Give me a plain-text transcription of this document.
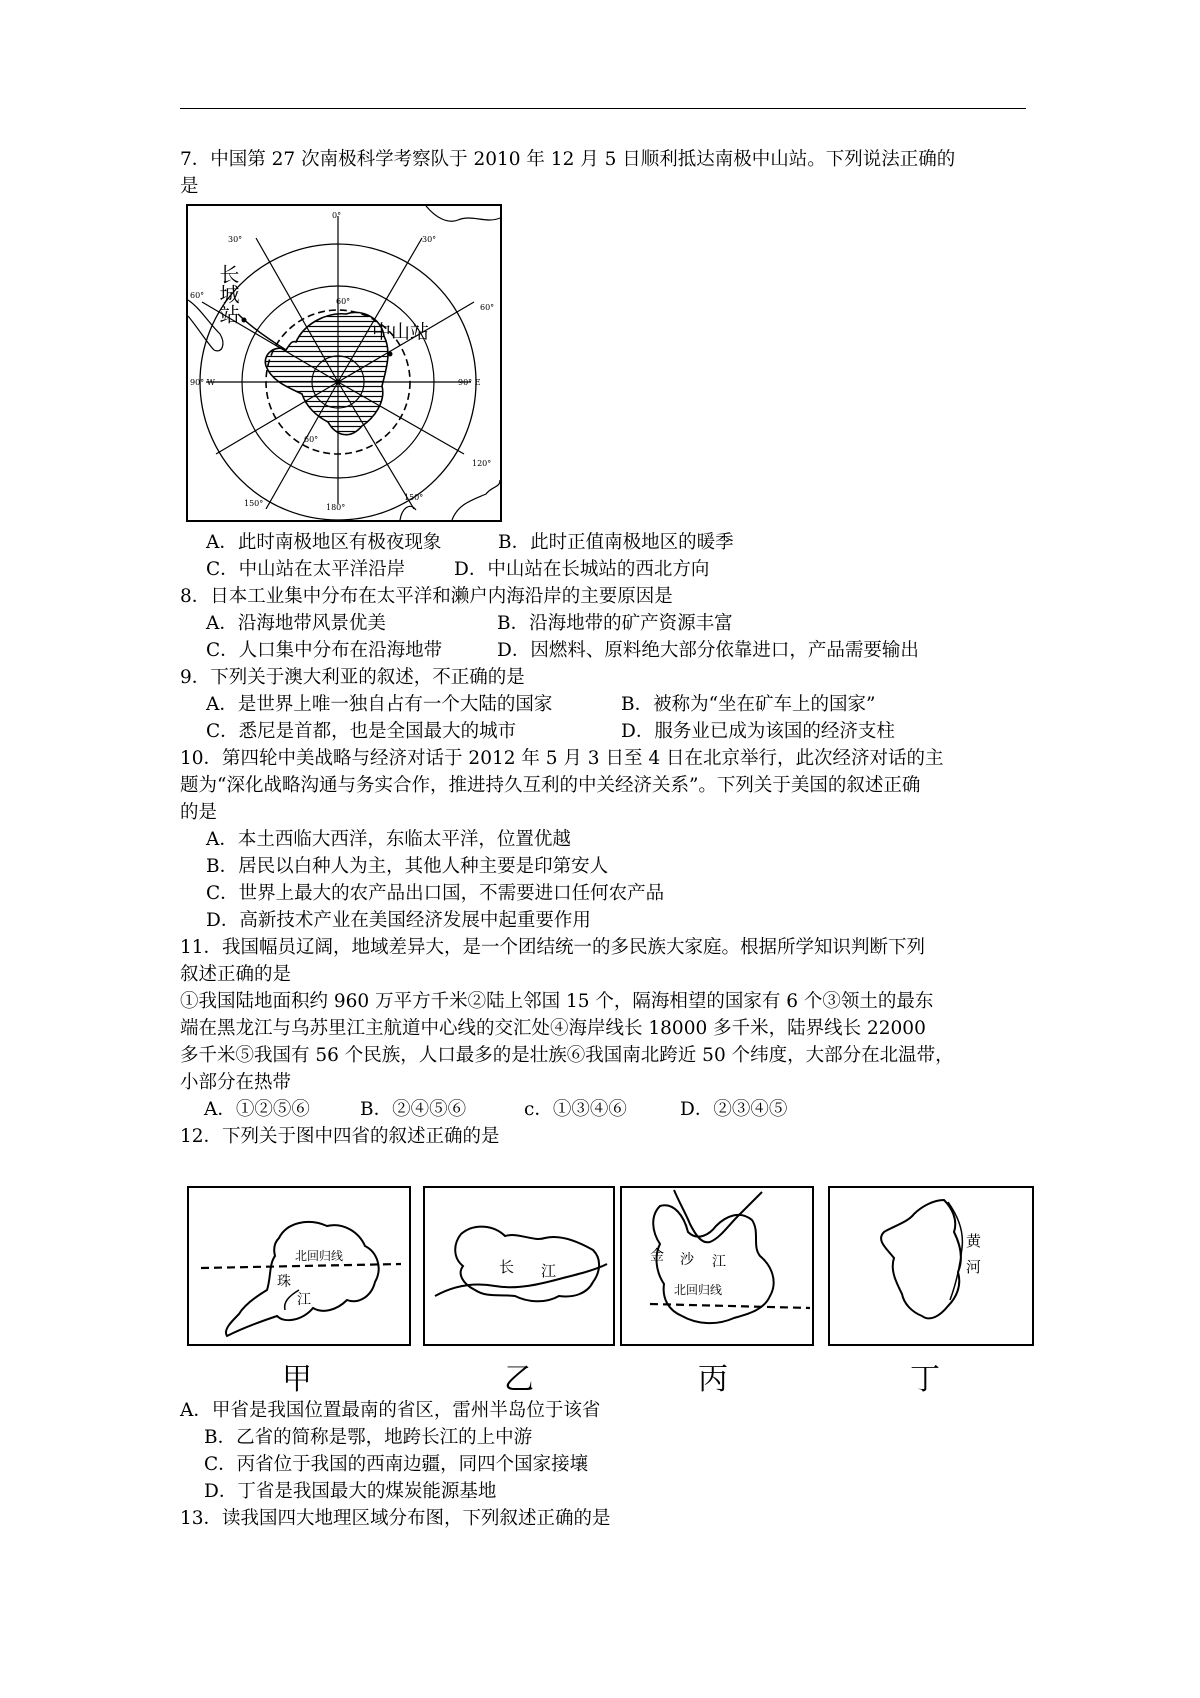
7．中国第 27 次南极科学考察队于 2010 年 12 月 5 日顺利抵达南极中山站。下列说法正确的
是
0°
30°	30°
60°
60°
90° W	90° E
120°
150°
150°
180°
60°
60°
长城站
中山站
A．此时南极地区有极夜现象	B．此时正值南极地区的暖季
C．中山站在太平洋沿岸	D．中山站在长城站的西北方向
8．日本工业集中分布在太平洋和濑户内海沿岸的主要原因是
A．沿海地带风景优美	B．沿海地带的矿产资源丰富
C．人口集中分布在沿海地带	D．因燃料、原料绝大部分依靠进口，产品需要输出
9．下列关于澳大利亚的叙述，不正确的是
A．是世界上唯一独自占有一个大陆的国家	B．被称为“坐在矿车上的国家”
C．悉尼是首都，也是全国最大的城市	D．服务业已成为该国的经济支柱
10．第四轮中美战略与经济对话于 2012 年 5 月 3 日至 4 日在北京举行，此次经济对话的主
题为“深化战略沟通与务实合作，推进持久互利的中关经济关系”。下列关于美国的叙述正确
的是
A．本土西临大西洋，东临太平洋，位置优越
B．居民以白种人为主，其他人种主要是印第安人
C．世界上最大的农产品出口国，不需要进口任何农产品
D．高新技术产业在美国经济发展中起重要作用
11．我国幅员辽阔，地域差异大，是一个团结统一的多民族大家庭。根据所学知识判断下列
叙述正确的是
①我国陆地面积约 960 万平方千米②陆上邻国 15 个，隔海相望的国家有 6 个③领土的最东
端在黑龙江与乌苏里江主航道中心线的交汇处④海岸线长 18000 多千米，陆界线长 22000
多千米⑤我国有 56 个民族，人口最多的是壮族⑥我国南北跨近 50 个纬度，大部分在北温带，
小部分在热带
A．①②⑤⑥	B．②④⑤⑥	c．①③④⑥	D．②③④⑤
12．下列关于图中四省的叙述正确的是
北回归线
珠
江
长 江
金 沙 江
北回归线
黄
河
甲	乙	丙	丁
A．甲省是我国位置最南的省区，雷州半岛位于该省
B．乙省的简称是鄂，地跨长江的上中游
C．丙省位于我国的西南边疆，同四个国家接壤
D．丁省是我国最大的煤炭能源基地
13．读我国四大地理区域分布图，下列叙述正确的是
